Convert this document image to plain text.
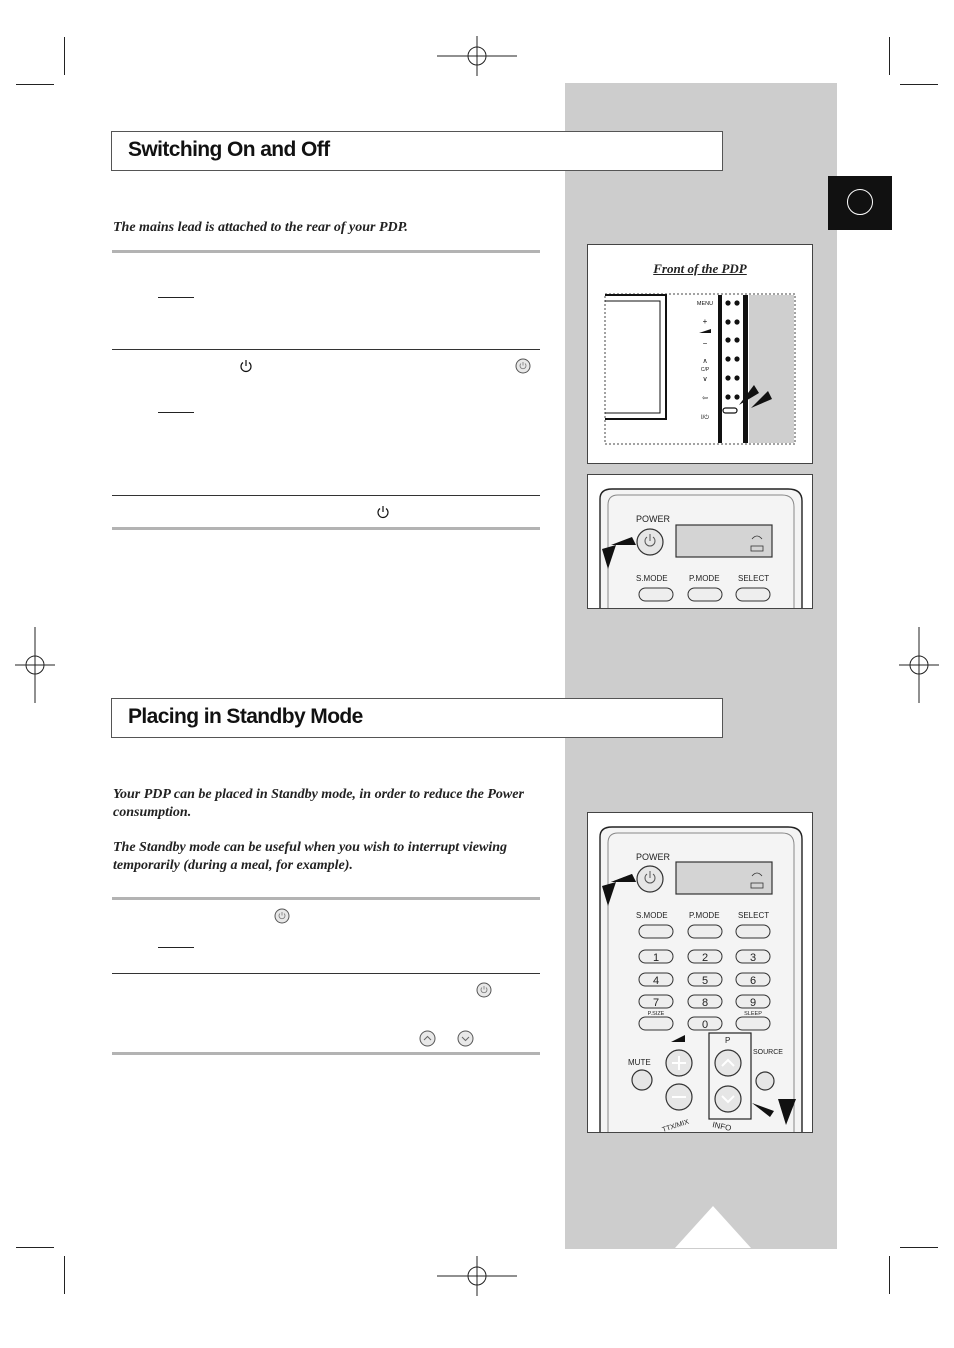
Switching On and Off
The mains lead is attached to the rear of your PDP.
Front of the PDP
MENU
+
−
∧
C/P
∨
⇦
I/⏻
POWER
S.MODE	P.MODE SELECT
Placing in Standby Mode
Your PDP can be placed in Standby mode, in order to reduce the Power consumption.
The Standby mode can be useful when you wish to interrupt viewing temporarily (during a meal, for example).
POWER
S.MODE	P.MODE SELECT
1	2	3
4	5	6
7	8	9
0
P.SIZE	SLEEP
MUTE
P
SOURCE
TTX/MIX	INFO
